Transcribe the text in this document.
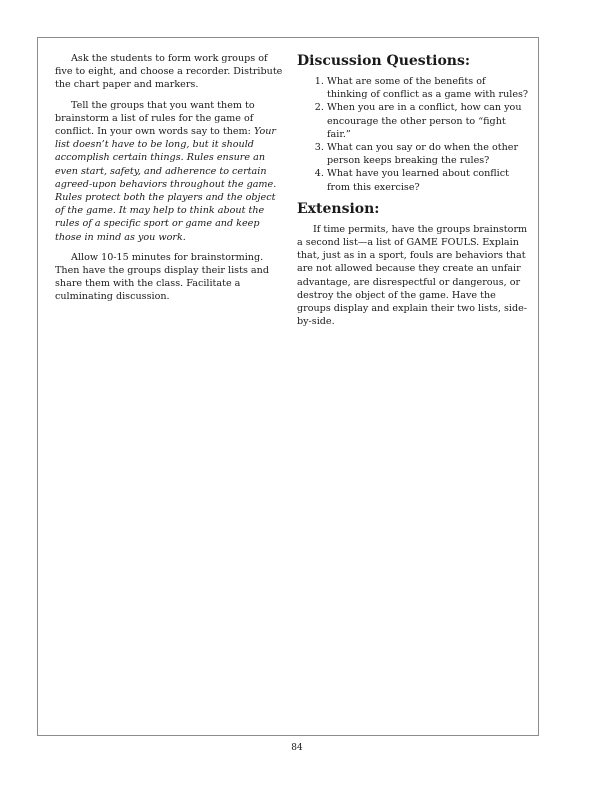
Ask the students to form work groups of five to eight, and choose a recorder. Distribute the chart paper and markers.

Tell the groups that you want them to brainstorm a list of rules for the game of conflict. In your own words say to them: Your list doesn’t have to be long, but it should accomplish certain things. Rules ensure an even start, safety, and adherence to certain agreed-upon behaviors throughout the game. Rules protect both the players and the object of the game. It may help to think about the rules of a specific sport or game and keep those in mind as you work.

Allow 10-15 minutes for brainstorming. Then have the groups display their lists and share them with the class. Facilitate a culminating discussion.

Discussion Questions:
1. What are some of the benefits of thinking of conflict as a game with rules?
2. When you are in a conflict, how can you encourage the other person to “fight fair.”
3. What can you say or do when the other person keeps breaking the rules?
4. What have you learned about conflict from this exercise?
Extension:

If time permits, have the groups brainstorm a second list—a list of GAME FOULS. Explain that, just as in a sport, fouls are behaviors that are not allowed because they create an unfair advantage, are disrespectful or dangerous, or destroy the object of the game. Have the groups display and explain their two lists, side-by-side.

84
